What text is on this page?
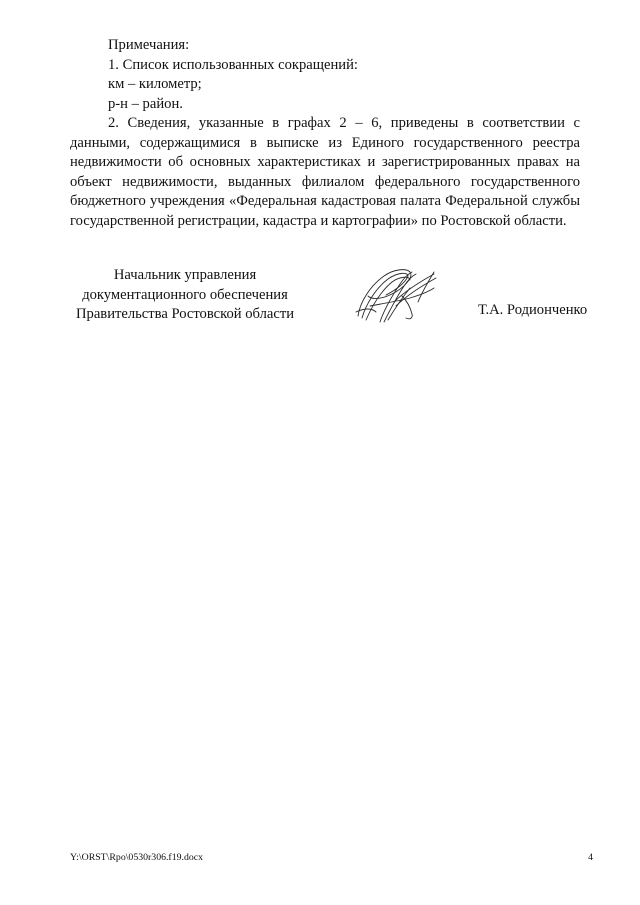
Примечания:
1. Список использованных сокращений:
км – километр;
р-н – район.
2. Сведения, указанные в графах 2 – 6, приведены в соответствии с данными, содержащимися в выписке из Единого государственного реестра недвижимости об основных характеристиках и зарегистрированных правах на объект недвижимости, выданных филиалом федерального государственного бюджетного учреждения «Федеральная кадастровая палата Федеральной службы государственной регистрации, кадастра и картографии» по Ростовской области.
Начальник управления
документационного обеспечения
Правительства Ростовской области	Т.А. Родионченко
Y:\ORST\Rpo\0530r306.f19.docx	4
